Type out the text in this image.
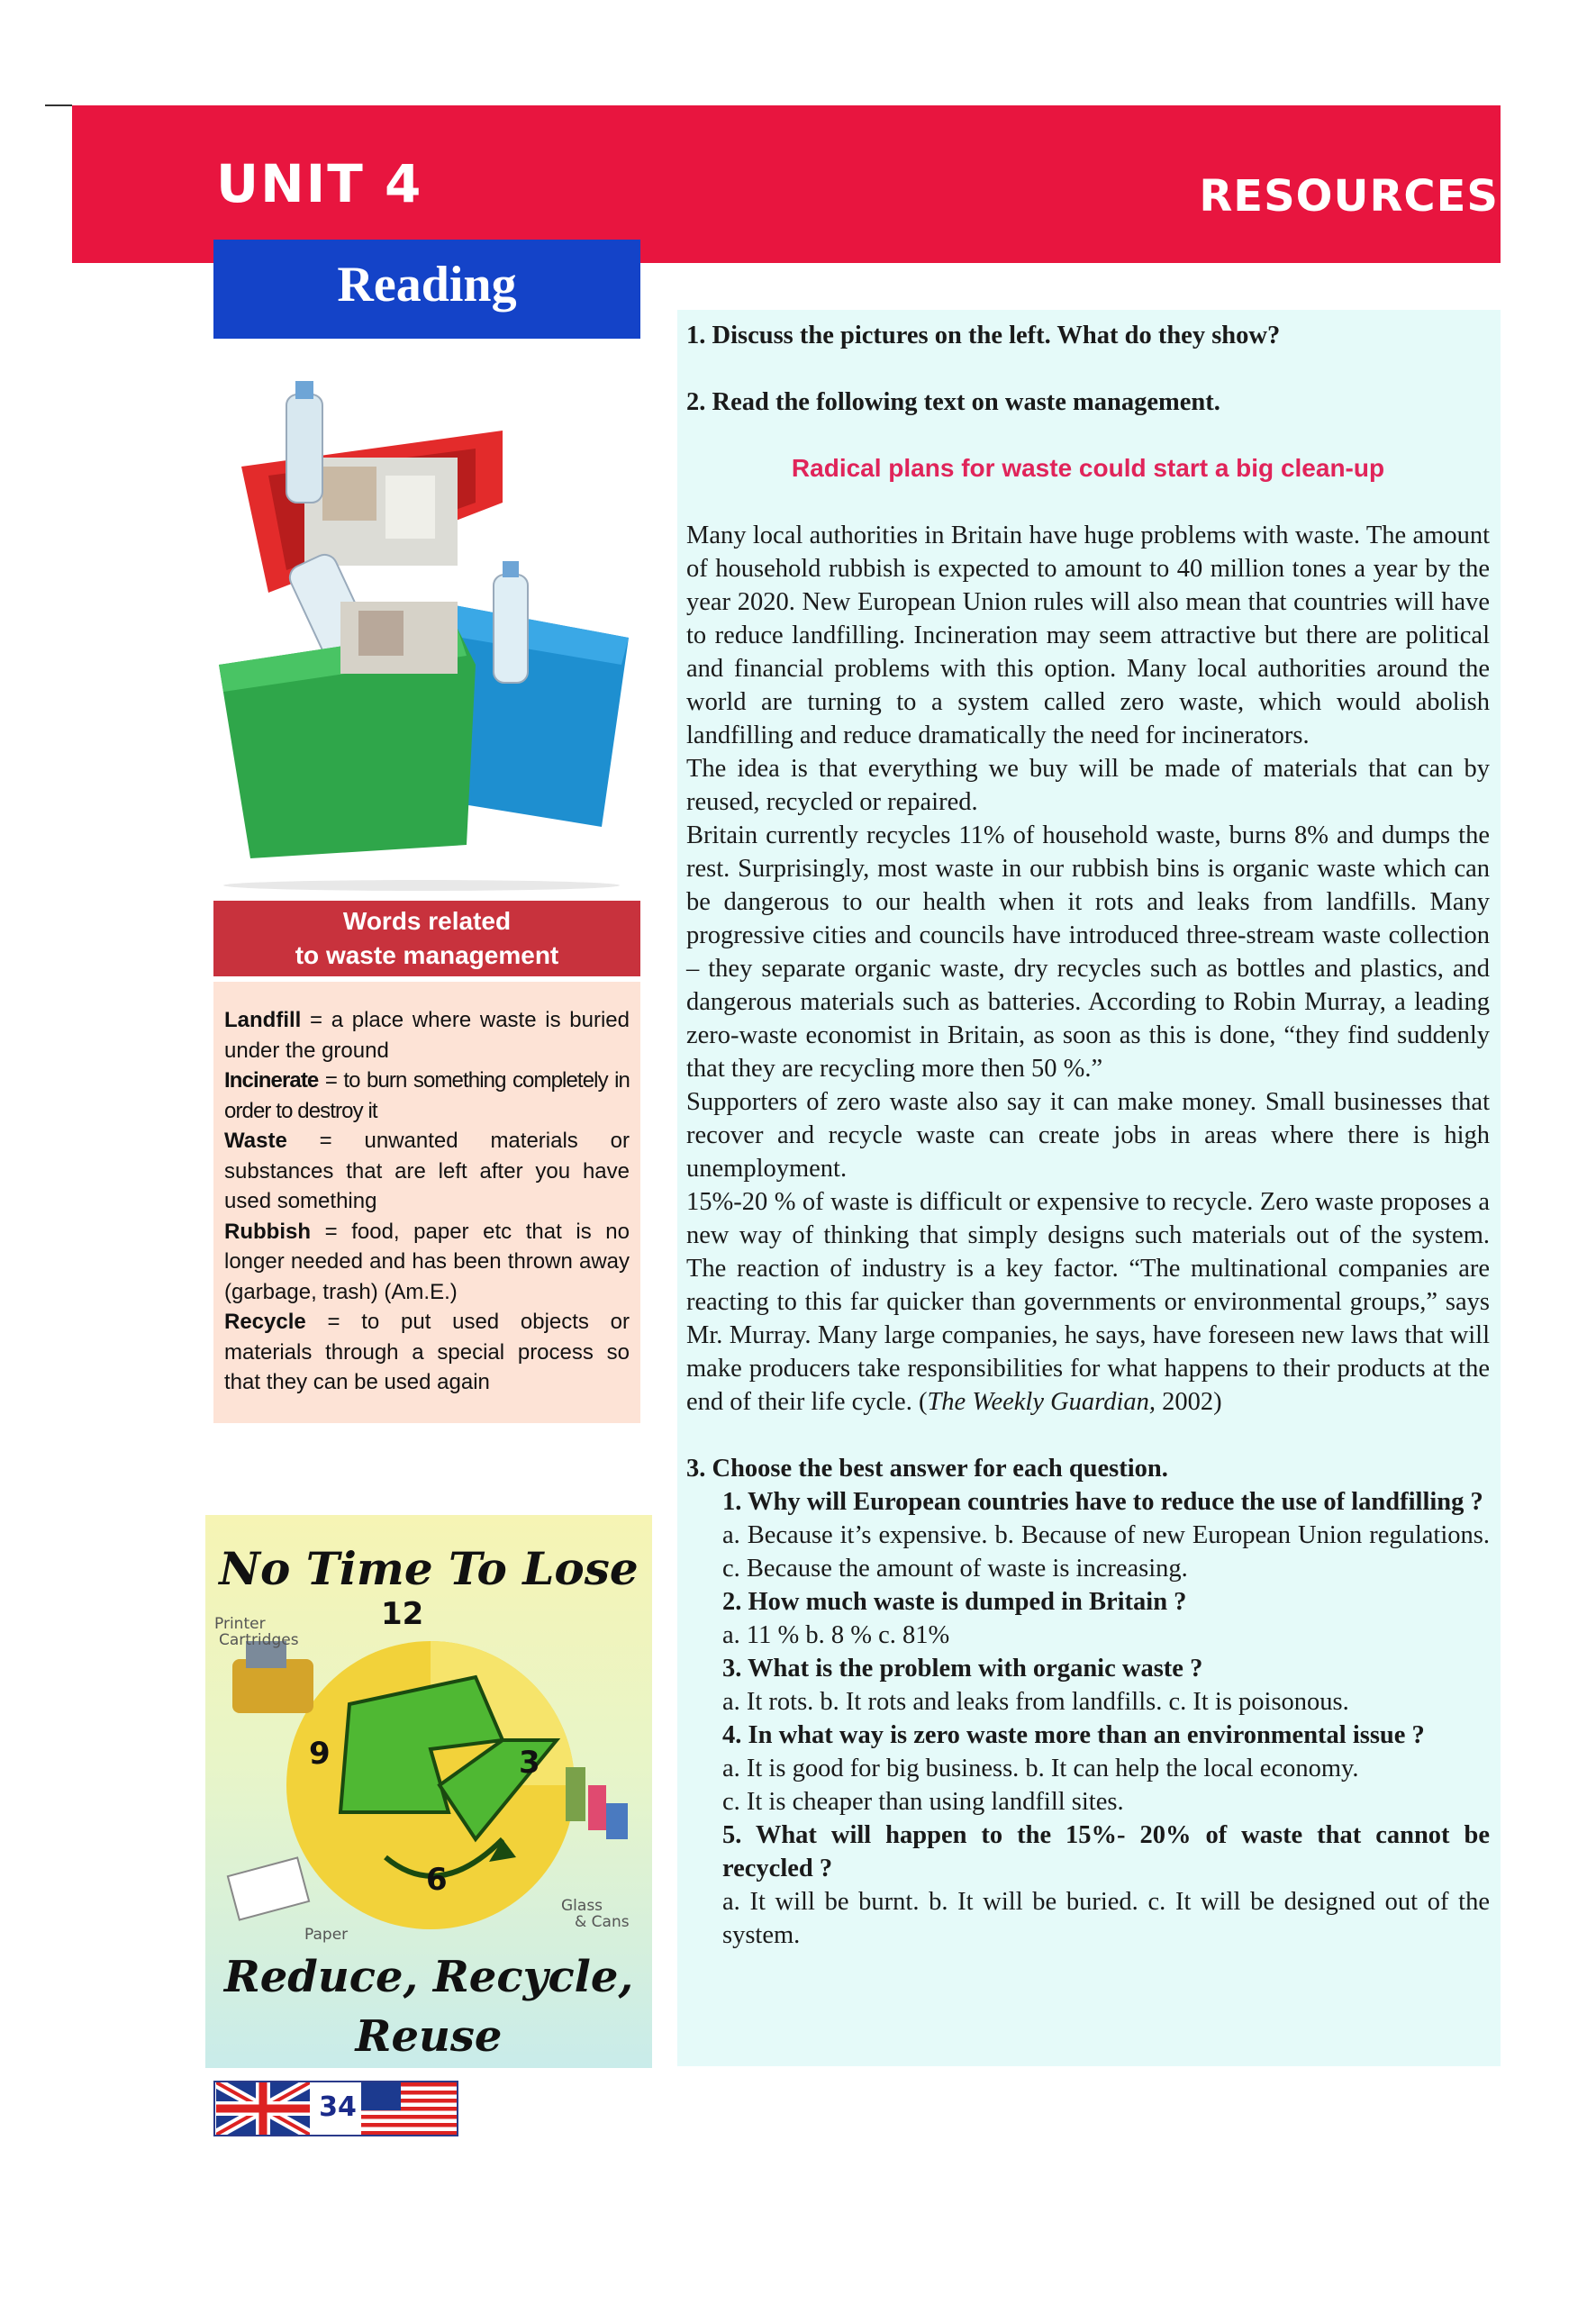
UNIT 4	RESOURCES
Reading
Words related
to waste management

Landfill = a place where waste is buried under the ground

Incinerate = to burn something completely in order to destroy it

Waste = unwanted materials or substances that are left after you have used something

Rubbish = food, paper etc that is no longer needed and has been thrown away (garbage, trash) (Am.E.)

Recycle = to put used objects or materials through a special process so that they can be used again

No Time To Lose
12
3
6
9
Printer
Cartridges
Glass
& Cans
Paper
Reduce, Recycle,
Reuse
34

1. Discuss the pictures on the left. What do they show?

2. Read the following text on waste management.

Radical plans for waste could start a big clean-up

Many local authorities in Britain have huge problems with waste. The amount of household rubbish is expected to amount to 40 million tones a year by the year 2020. New European Union rules will also mean that countries will have to reduce landfilling. Incineration may seem attractive but there are political and financial problems with this option. Many local authorities around the world are turning to a system called zero waste, which would abolish landfilling and reduce dramatically the need for incinerators.

The idea is that everything we buy will be made of materials that can by reused, recycled or repaired.

Britain currently recycles 11% of household waste, burns 8% and dumps the rest. Surprisingly, most waste in our rubbish bins is organic waste which can be dangerous to our health when it rots and leaks from landfills. Many progressive cities and councils have introduced three-stream waste collection – they separate organic waste, dry recycles such as bottles and plastics, and dangerous materials such as batteries. According to Robin Murray, a leading zero-waste economist in Britain, as soon as this is done, “they find suddenly that they are recycling more then 50 %.”

Supporters of zero waste also say it can make money. Small businesses that recover and recycle waste can create jobs in areas where there is high unemployment.

15%-20 % of waste is difficult or expensive to recycle. Zero waste proposes a new way of thinking that simply designs such materials out of the system. The reaction of industry is a key factor. “The multinational companies are reacting to this far quicker than governments or environmental groups,” says Mr. Murray. Many large companies, he says, have foreseen new laws that will make producers take responsibilities for what happens to their products at the end of their life cycle. (The Weekly Guardian, 2002)

3. Choose the best answer for each question.

1. Why will European countries have to reduce the use of landfilling ?

a. Because it’s expensive. b. Because of new European Union regulations. c. Because the amount of waste is increasing.

2. How much waste is dumped in Britain ?

a. 11 % b. 8 % c. 81%

3. What is the problem with organic waste ?

a. It rots. b. It rots and leaks from landfills. c. It is poisonous.

4. In what way is zero waste more than an environmental issue ?

a. It is good for big business. b. It can help the local economy.

c. It is cheaper than using landfill sites.

5. What will happen to the 15%- 20% of waste that cannot be recycled ?

a. It will be burnt. b. It will be buried. c. It will be designed out of the system.
